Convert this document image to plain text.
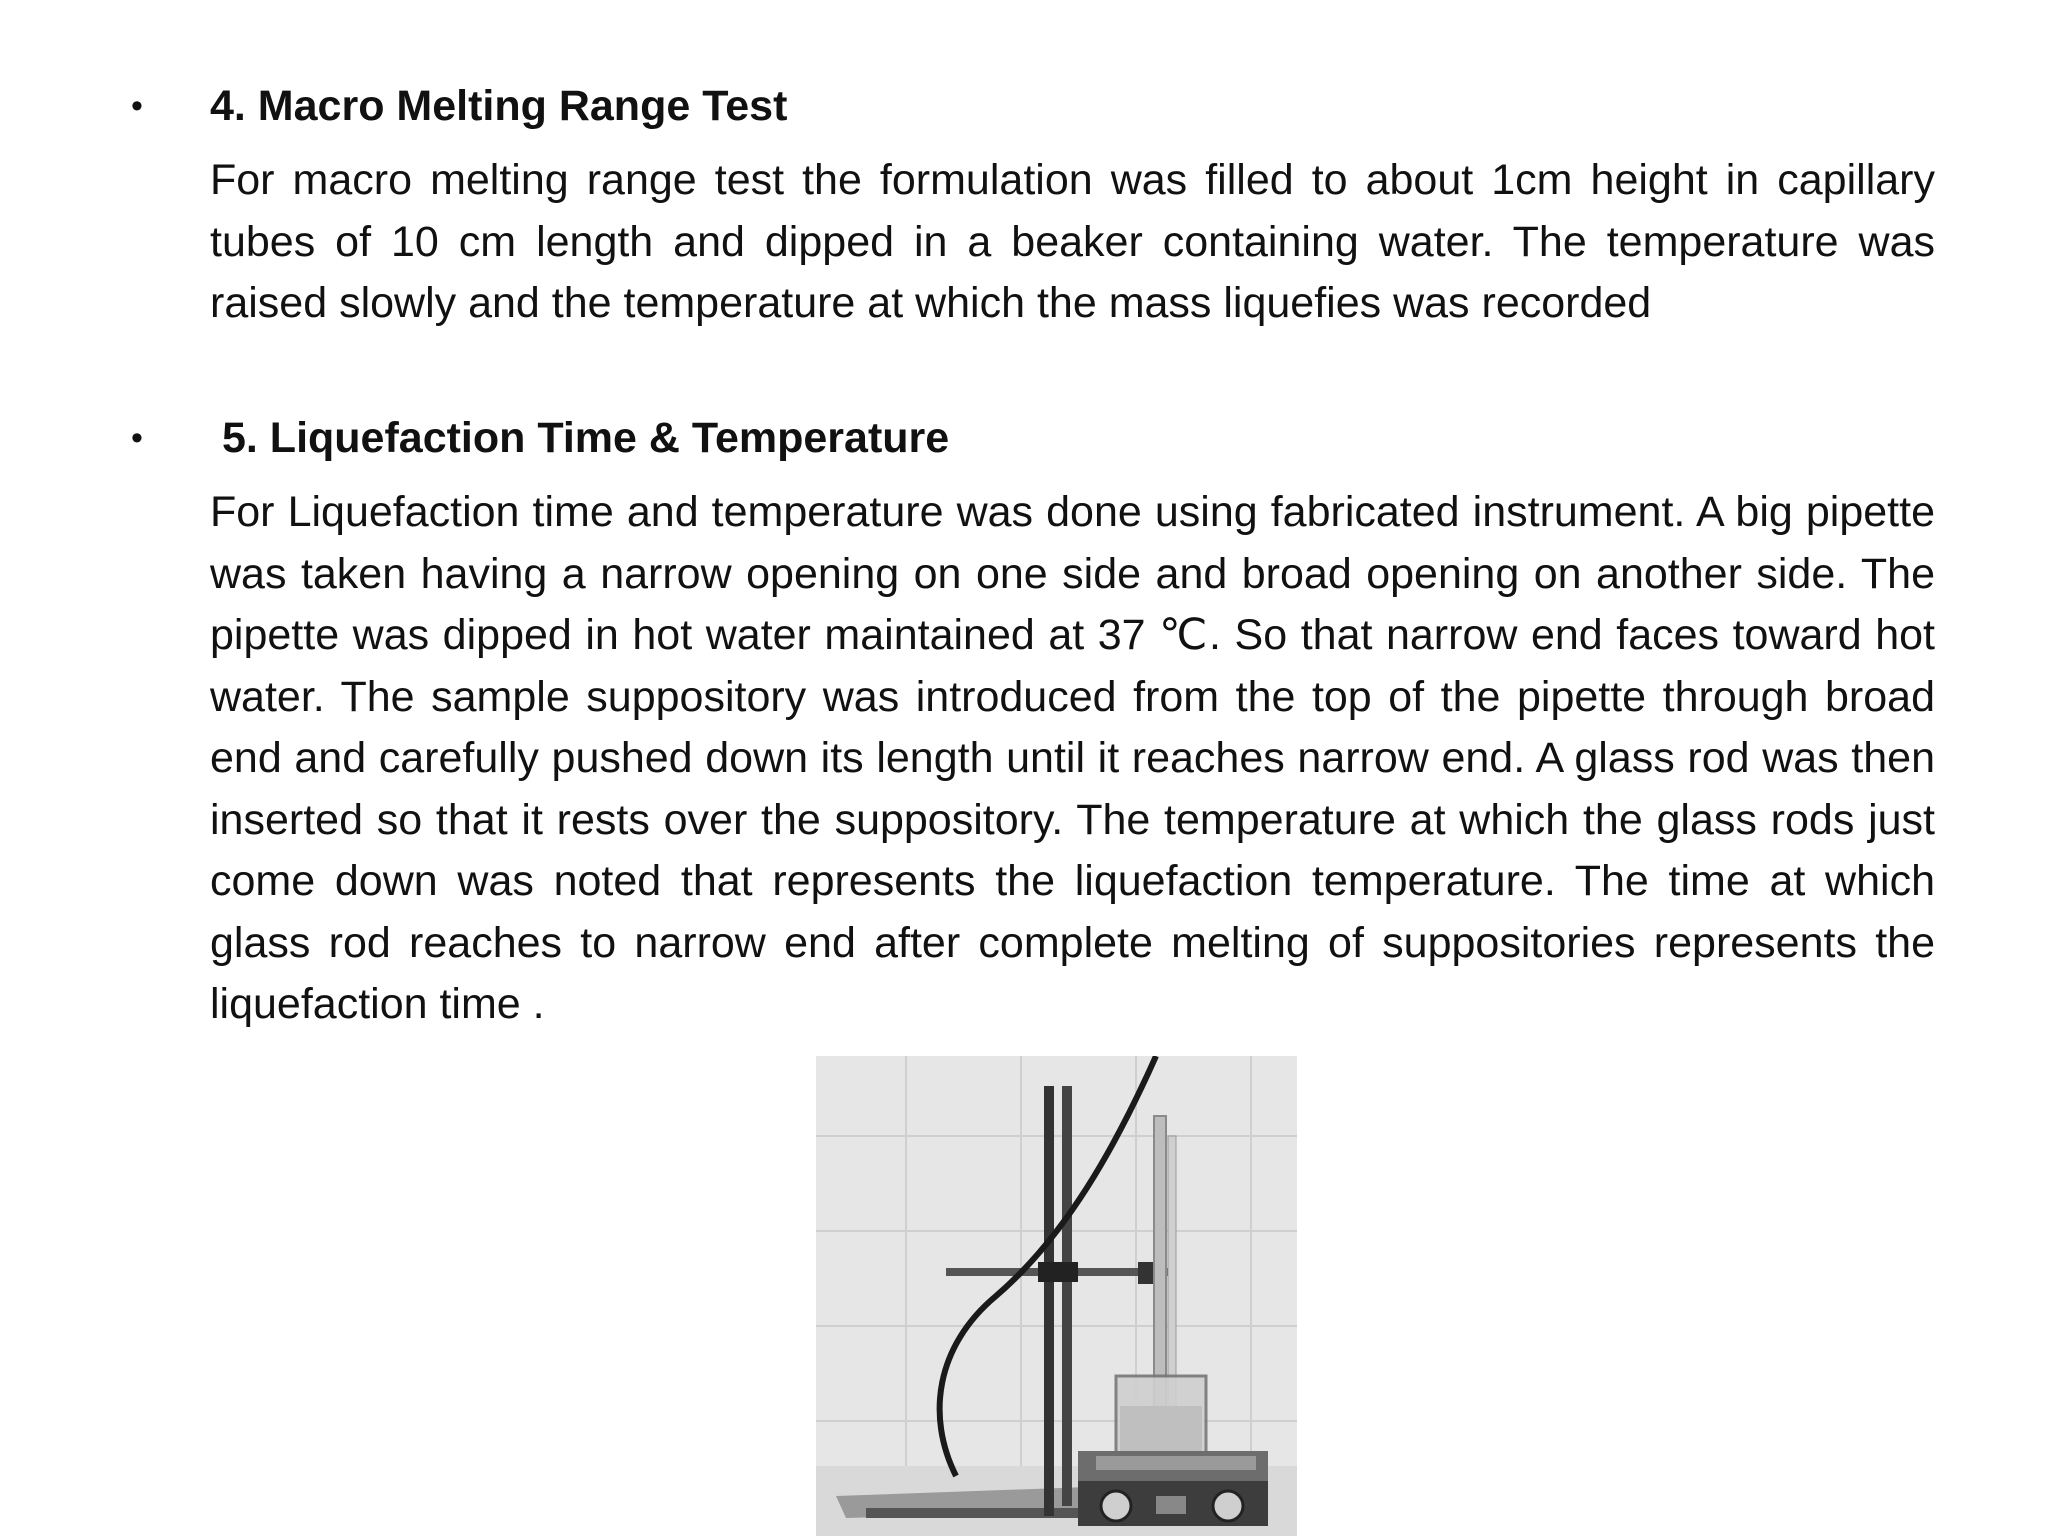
• 4. Macro Melting Range Test
For macro melting range test the formulation was filled to about 1cm height in capillary tubes of 10 cm length and dipped in a beaker containing water. The temperature was raised slowly and the temperature at which the mass liquefies was recorded
• 5. Liquefaction Time & Temperature
For Liquefaction time and temperature was done using fabricated instrument. A big pipette was taken having a narrow opening on one side and broad opening on another side. The pipette was dipped in hot water maintained at 37 ℃. So that narrow end faces toward hot water. The sample suppository was introduced from the top of the pipette through broad end and carefully pushed down its length until it reaches narrow end. A glass rod was then inserted so that it rests over the suppository. The temperature at which the glass rods just come down was noted that represents the liquefaction temperature. The time at which glass rod reaches to narrow end after complete melting of suppositories represents the liquefaction time .
